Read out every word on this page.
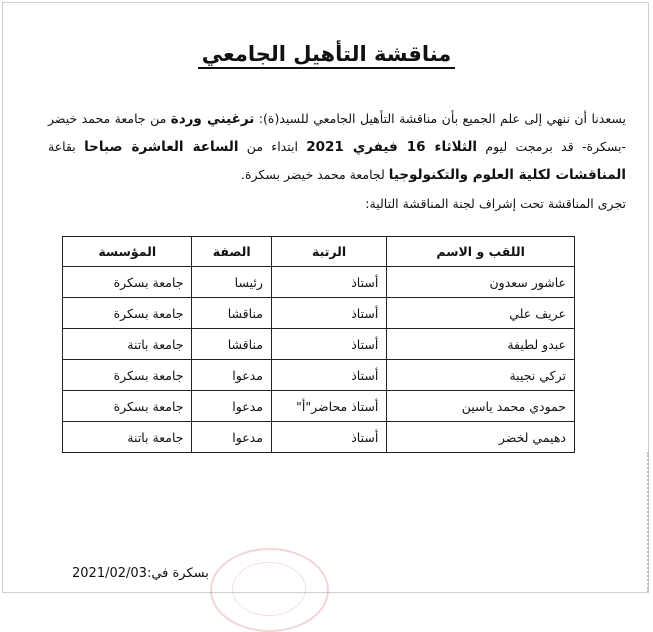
مناقشة التأهيل الجامعي
يسعدنا أن ننهي إلى علم الجميع بأن مناقشة التأهيل الجامعي للسيد(ة): ترغيني وردة من جامعة محمد خيضر -بسكرة- قد برمجت ليوم الثلاثاء 16 فيفري 2021 ابتداء من الساعة العاشرة صباحا بقاعة المناقشات لكلية العلوم والتكنولوجيا لجامعة محمد خيضر بسكرة.
تجرى المناقشة تحت إشراف لجنة المناقشة التالية:
اللقب و الاسم	الرتبة	الصفة	المؤسسة
عاشور سعدون	أستاذ	رئيسا	جامعة بسكرة
عريف علي	أستاذ	مناقشا	جامعة بسكرة
عبدو لطيفة	أستاذ	مناقشا	جامعة باتنة
تركي نجيبة	أستاذ	مدعوا	جامعة بسكرة
حمودي محمد ياسين	أستاذ محاضر"أ"	مدعوا	جامعة بسكرة
دهيمي لخضر	أستاذ	مدعوا	جامعة باتنة
بسكرة في:2021/02/03
